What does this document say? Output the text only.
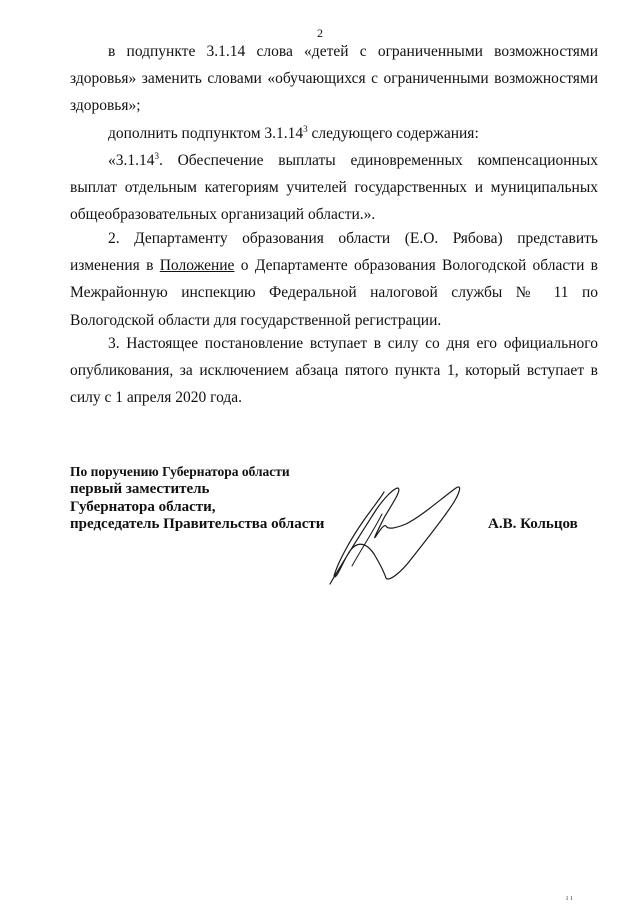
2

в подпункте 3.1.14 слова «детей с ограниченными возможностями здоровья» заменить словами «обучающихся с ограниченными возможностями здоровья»;

дополнить подпунктом 3.1.14$^3$ следующего содержания:

«3.1.14$^3$. Обеспечение выплаты единовременных компенсационных выплат отдельным категориям учителей государственных и муниципальных общеобразовательных организаций области.».

2. Департаменту образования области (Е.О. Рябова) представить изменения в Положение о Департаменте образования Вологодской области в Межрайонную инспекцию Федеральной налоговой службы № 11 по Вологодской области для государственной регистрации.

3. Настоящее постановление вступает в силу со дня его официального опубликования, за исключением абзаца пятого пункта 1, который вступает в силу с 1 апреля 2020 года.

По поручению Губернатора области
первый заместитель
Губернатора области,
председатель Правительства области	А.В. Кольцов
ı ı
